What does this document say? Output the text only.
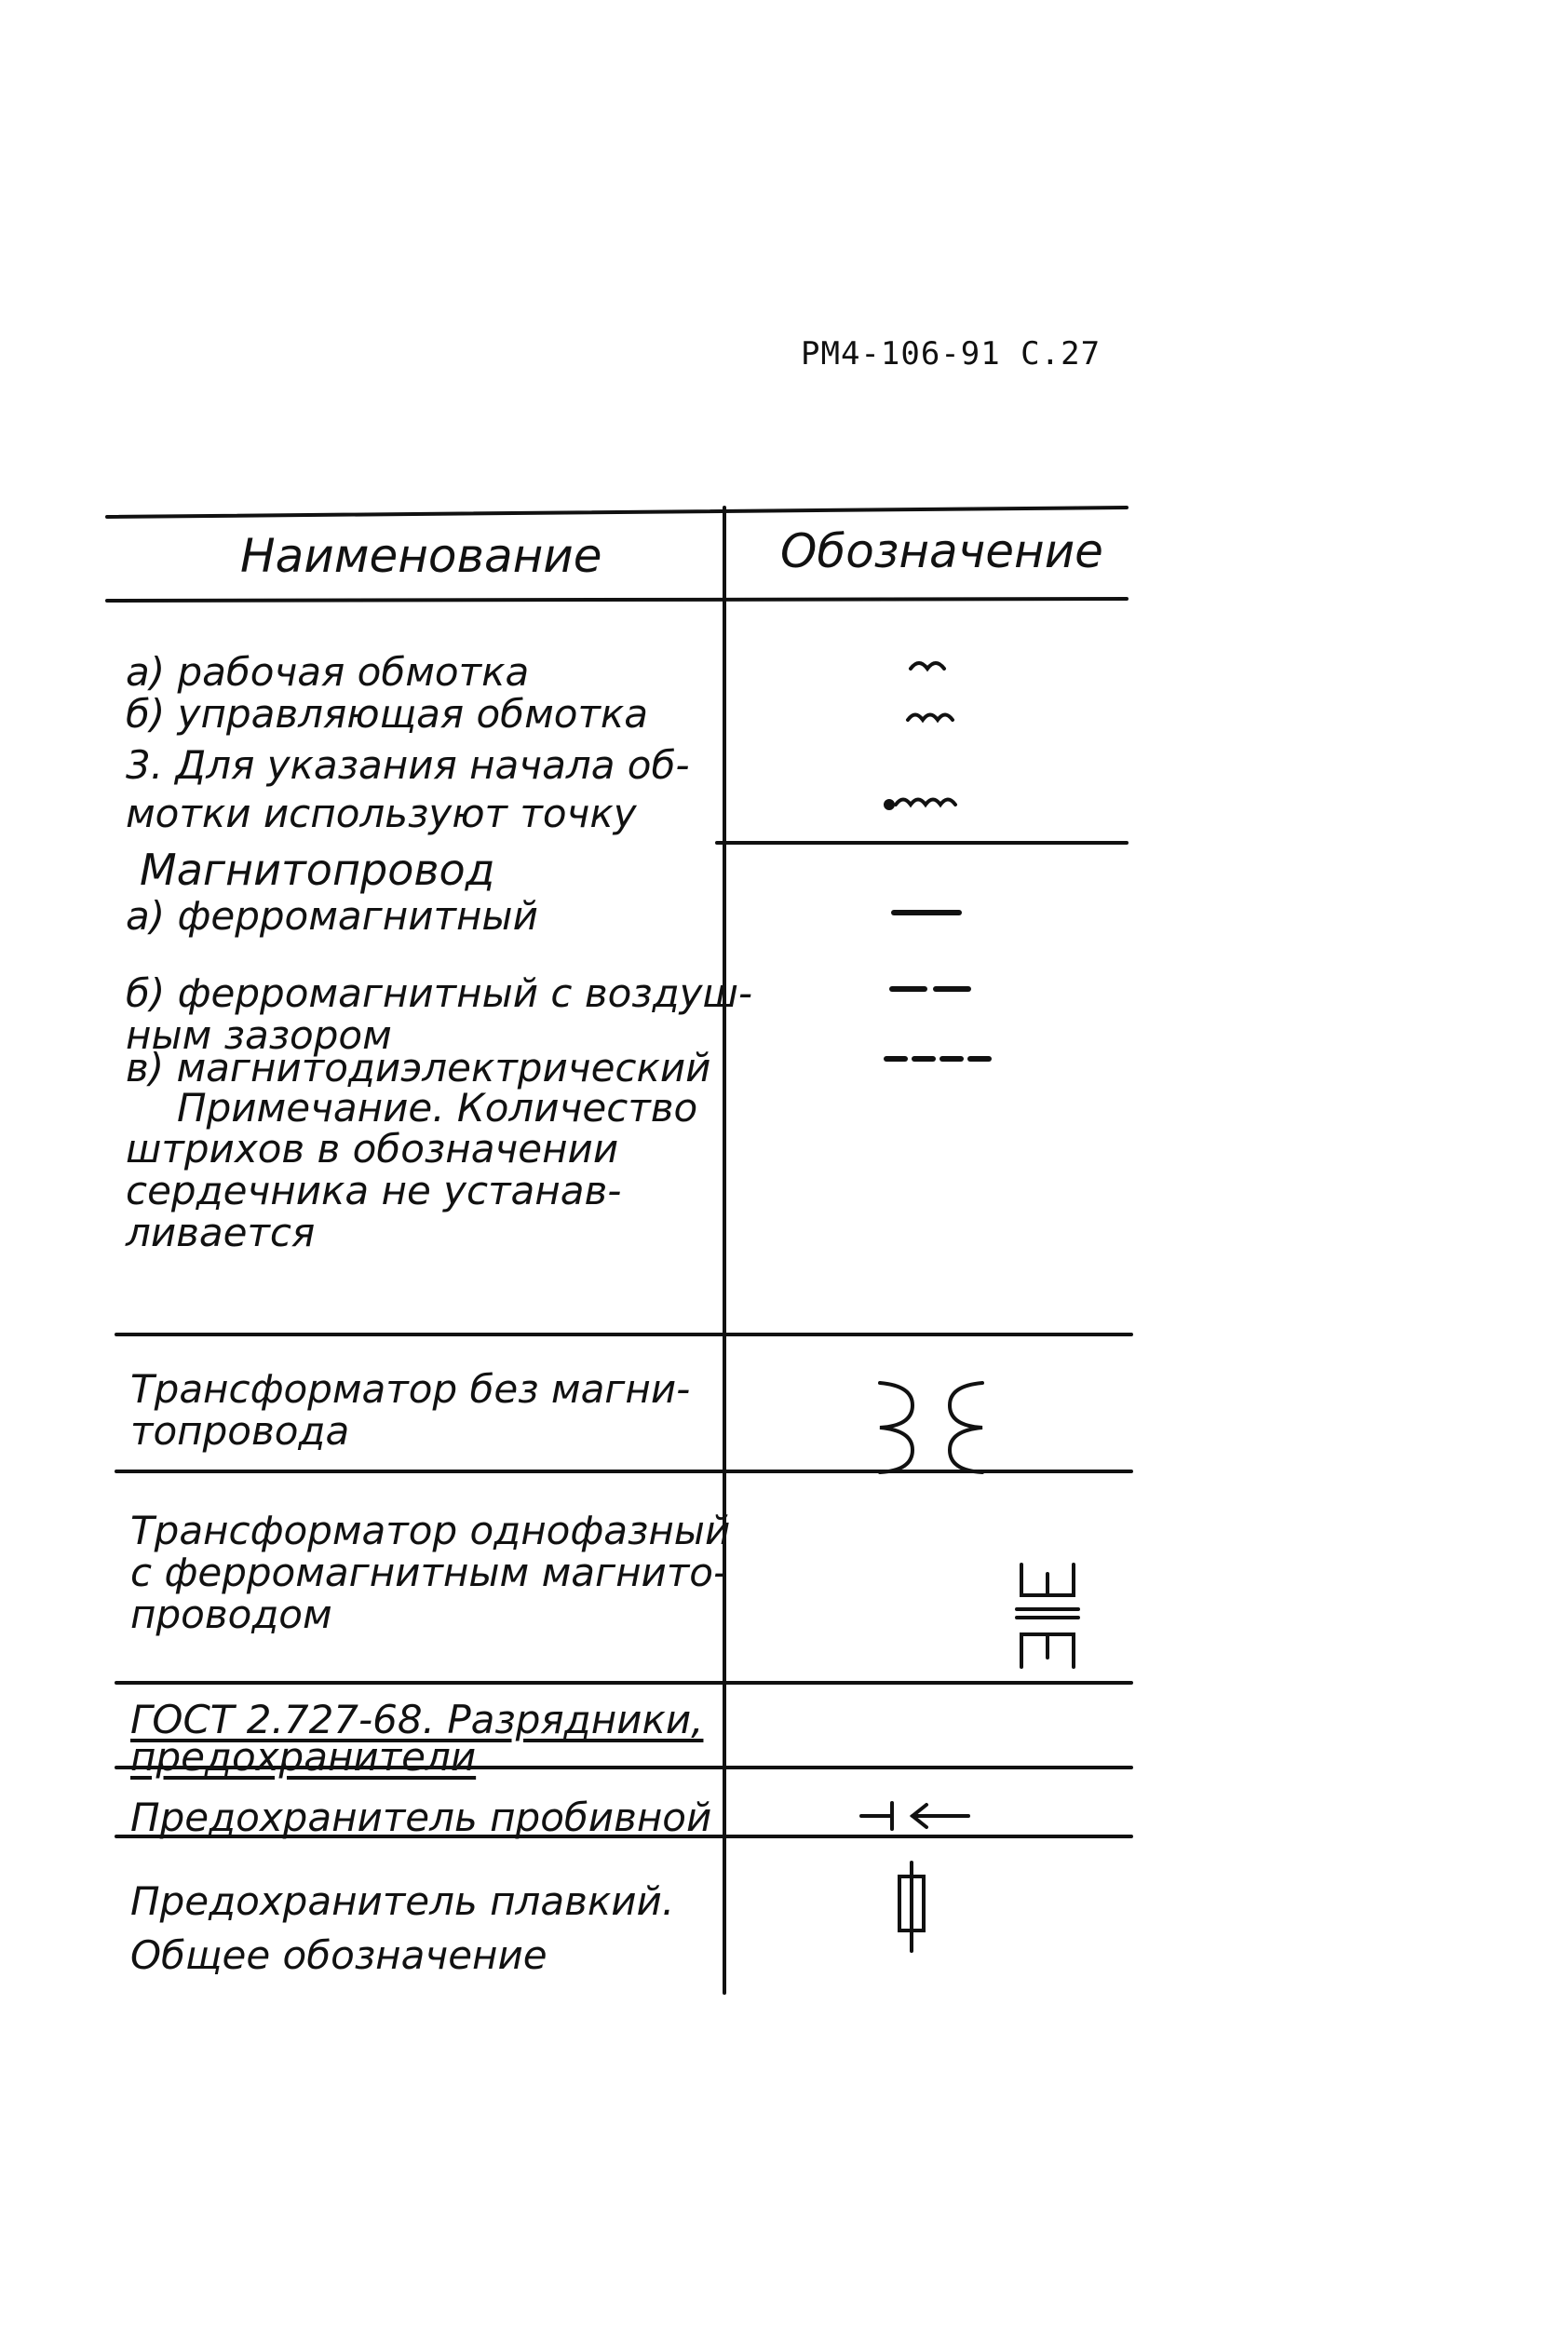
РМ4-106-91 С.27
Наименование	Обозначение
а) рабочая обмотка
б) управляющая обмотка
3. Для указания начала об-
мотки используют точку
Магнитопровод
а) ферромагнитный
б) ферромагнитный с воздуш-
ным зазором
в) магнитодиэлектрический
Примечание. Количество
штрихов в обозначении
сердечника не устанав-
ливается
Трансформатор без магни-
топровода
Трансформатор однофазный
с ферромагнитным магнито-
проводом
ГОСТ 2.727-68. Разрядники,
предохранители
Предохранитель пробивной
Предохранитель плавкий.
Общее обозначение
